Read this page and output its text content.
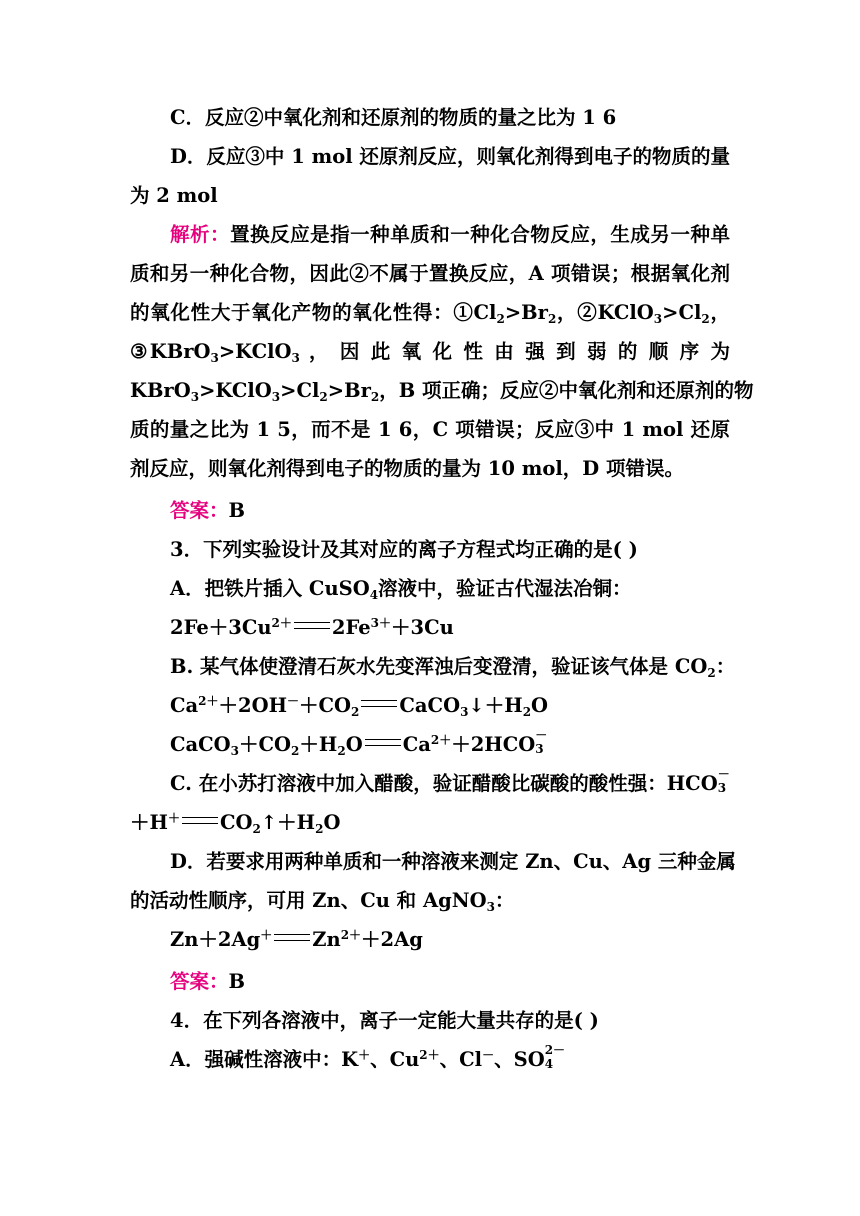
C．反应②中氧化剂和还原剂的物质的量之比为 1 6
D．反应③中 1 mol 还原剂反应，则氧化剂得到电子的物质的量
为 2 mol
解析：置换反应是指一种单质和一种化合物反应，生成另一种单
质和另一种化合物，因此②不属于置换反应，A 项错误；根据氧化剂
的氧化性大于氧化产物的氧化性得：$①Cl_2>Br_2$，$②KClO_3>Cl_2$，
③KBrO$_3$>KClO$_3$ ， 因 此 氧 化 性 由 强 到 弱 的 顺 序 为
$KBrO_3>KClO_3>Cl_2>Br_2$，B 项正确；反应②中氧化剂和还原剂的物
质的量之比为 1 5，而不是 1 6，C 项错误；反应③中 1 mol 还原
剂反应，则氧化剂得到电子的物质的量为 10 mol，D 项错误。
答案：B
3．下列实验设计及其对应的离子方程式均正确的是( )
A．把铁片插入 CuSO$_4$溶液中，验证古代湿法冶铜：
$2Fe+3Cu^{2+}$ $2Fe^{3+}+3Cu$
B. 某气体使澄清石灰水先变浑浊后变澄清，验证该气体是 $CO_2$：
$Ca^{2+}+2OH^-+CO_2$ $CaCO_3↓+H_2O$
$CaCO_3+CO_2+H_2O$ $Ca^{2+}+2HCO$ －
3
C. 在小苏打溶液中加入醋酸，验证醋酸比碳酸的酸性强：HCO －
3
＋H＋ $CO_2↑+H_2O$
D．若要求用两种单质和一种溶液来测定 Zn、Cu、Ag 三种金属
的活动性顺序，可用 Zn、Cu 和 AgNO$_3$：
Zn＋2Ag＋ $Zn^{2+}+2Ag$
答案：B
4．在下列各溶液中，离子一定能大量共存的是( )
A．强碱性溶液中：K＋、$Cu^{2+}$、Cl－、SO 2－
4
